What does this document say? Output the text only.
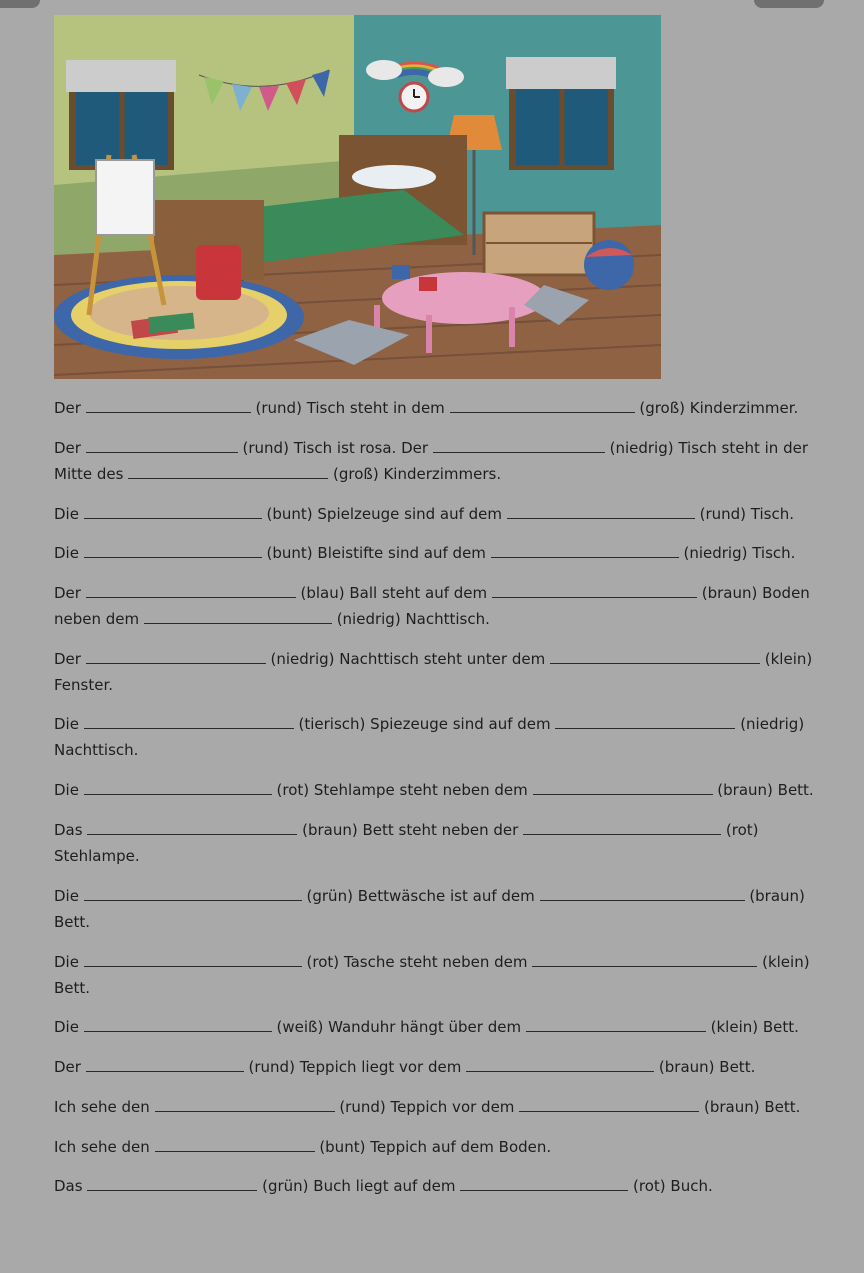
Der	(rund) Tisch steht in dem	(groß) Kinderzimmer.
Der	(rund) Tisch ist rosa. Der	(niedrig) Tisch steht in der
Mitte des	(groß) Kinderzimmers.
Die	(bunt) Spielzeuge sind auf dem	(rund) Tisch.
Die	(bunt) Bleistifte sind auf dem	(niedrig) Tisch.
Der	(blau) Ball steht auf dem	(braun) Boden
neben dem	(niedrig) Nachttisch.
Der	(niedrig) Nachttisch steht unter dem	(klein)
Fenster.
Die	(tierisch) Spiezeuge sind auf dem	(niedrig)
Nachttisch.
Die	(rot) Stehlampe steht neben dem	(braun) Bett.
Das	(braun) Bett steht neben der	(rot)
Stehlampe.
Die	(grün) Bettwäsche ist auf dem	(braun)
Bett.
Die	(rot) Tasche steht neben dem	(klein)
Bett.
Die	(weiß) Wanduhr hängt über dem	(klein) Bett.
Der	(rund) Teppich liegt vor dem	(braun) Bett.
Ich sehe den	(rund) Teppich vor dem	(braun) Bett.
Ich sehe den	(bunt) Teppich auf dem Boden.
Das	(grün) Buch liegt auf dem	(rot) Buch.
